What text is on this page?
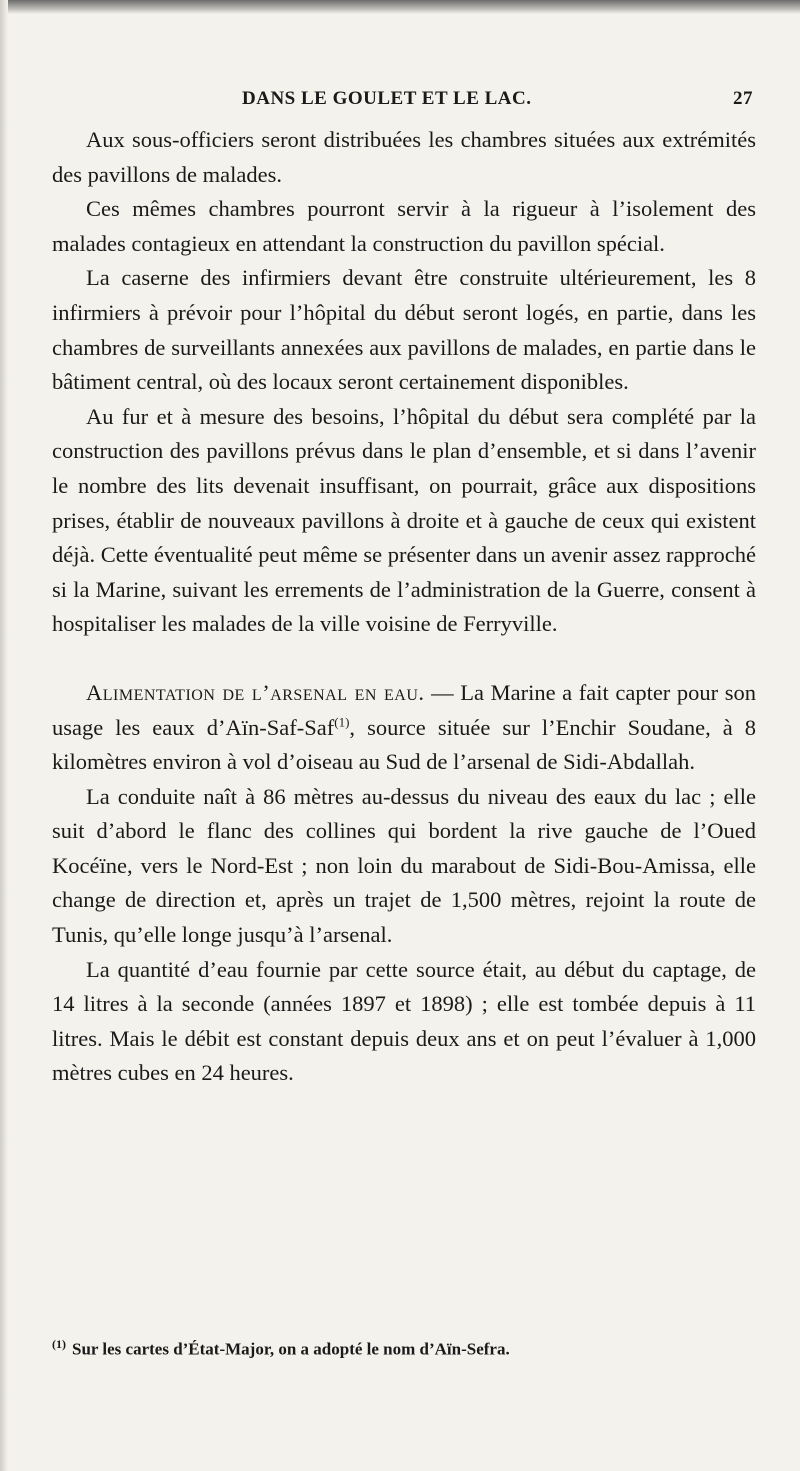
DANS LE GOULET ET LE LAC.	27

Aux sous-officiers seront distribuées les chambres situées aux extrémités des pavillons de malades.

Ces mêmes chambres pourront servir à la rigueur à l’isolement des malades contagieux en attendant la construction du pavillon spécial.

La caserne des infirmiers devant être construite ultérieurement, les 8 infirmiers à prévoir pour l’hôpital du début seront logés, en partie, dans les chambres de surveillants annexées aux pavillons de malades, en partie dans le bâtiment central, où des locaux seront certainement disponibles.

Au fur et à mesure des besoins, l’hôpital du début sera complété par la construction des pavillons prévus dans le plan d’ensemble, et si dans l’avenir le nombre des lits devenait insuffisant, on pourrait, grâce aux dispositions prises, établir de nouveaux pavillons à droite et à gauche de ceux qui existent déjà. Cette éventualité peut même se présenter dans un avenir assez rapproché si la Marine, suivant les errements de l’administration de la Guerre, consent à hospitaliser les malades de la ville voisine de Ferryville.

Alimentation de l’arsenal en eau. — La Marine a fait capter pour son usage les eaux d’Aïn-Saf-Saf$^{(1)}$, source située sur l’Enchir Soudane, à 8 kilomètres environ à vol d’oiseau au Sud de l’arsenal de Sidi-Abdallah.

La conduite naît à 86 mètres au-dessus du niveau des eaux du lac ; elle suit d’abord le flanc des collines qui bordent la rive gauche de l’Oued Kocéïne, vers le Nord-Est ; non loin du marabout de Sidi-Bou-Amissa, elle change de direction et, après un trajet de 1,500 mètres, rejoint la route de Tunis, qu’elle longe jusqu’à l’arsenal.

La quantité d’eau fournie par cette source était, au début du captage, de 14 litres à la seconde (années 1897 et 1898) ; elle est tombée depuis à 11 litres. Mais le débit est constant depuis deux ans et on peut l’évaluer à 1,000 mètres cubes en 24 heures.

$^{(1)}$ Sur les cartes d’État-Major, on a adopté le nom d’Aïn-Sefra.
